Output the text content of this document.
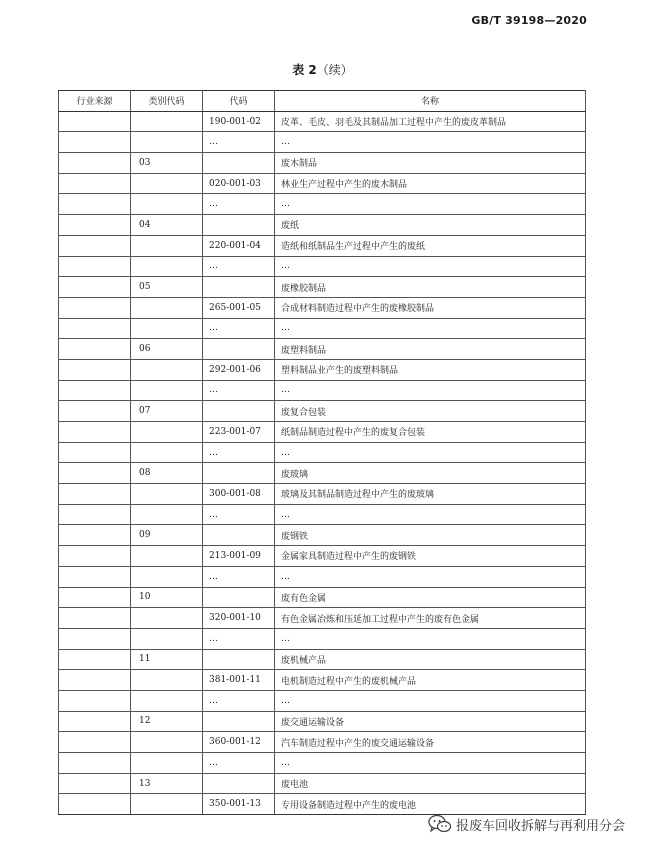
GB/T 39198—2020
表 2（续）
行业来源	类别代码	代码	名称
		190-001-02	皮革、毛皮、羽毛及其制品加工过程中产生的废皮革制品
		…	…
	03		废木制品
		020-001-03	林业生产过程中产生的废木制品
		…	…
	04		废纸
		220-001-04	造纸和纸制品生产过程中产生的废纸
		…	…
	05		废橡胶制品
		265-001-05	合成材料制造过程中产生的废橡胶制品
		…	…
	06		废塑料制品
		292-001-06	塑料制品业产生的废塑料制品
		…	…
	07		废复合包装
		223-001-07	纸制品制造过程中产生的废复合包装
		…	…
	08		废玻璃
		300-001-08	玻璃及其制品制造过程中产生的废玻璃
		…	…
	09		废钢铁
		213-001-09	金属家具制造过程中产生的废钢铁
		…	…
	10		废有色金属
		320-001-10	有色金属冶炼和压延加工过程中产生的废有色金属
		…	…
	11		废机械产品
		381-001-11	电机制造过程中产生的废机械产品
		…	…
	12		废交通运输设备
		360-001-12	汽车制造过程中产生的废交通运输设备
		…	…
	13		废电池
		350-001-13	专用设备制造过程中产生的废电池
报废车回收拆解与再利用分会
